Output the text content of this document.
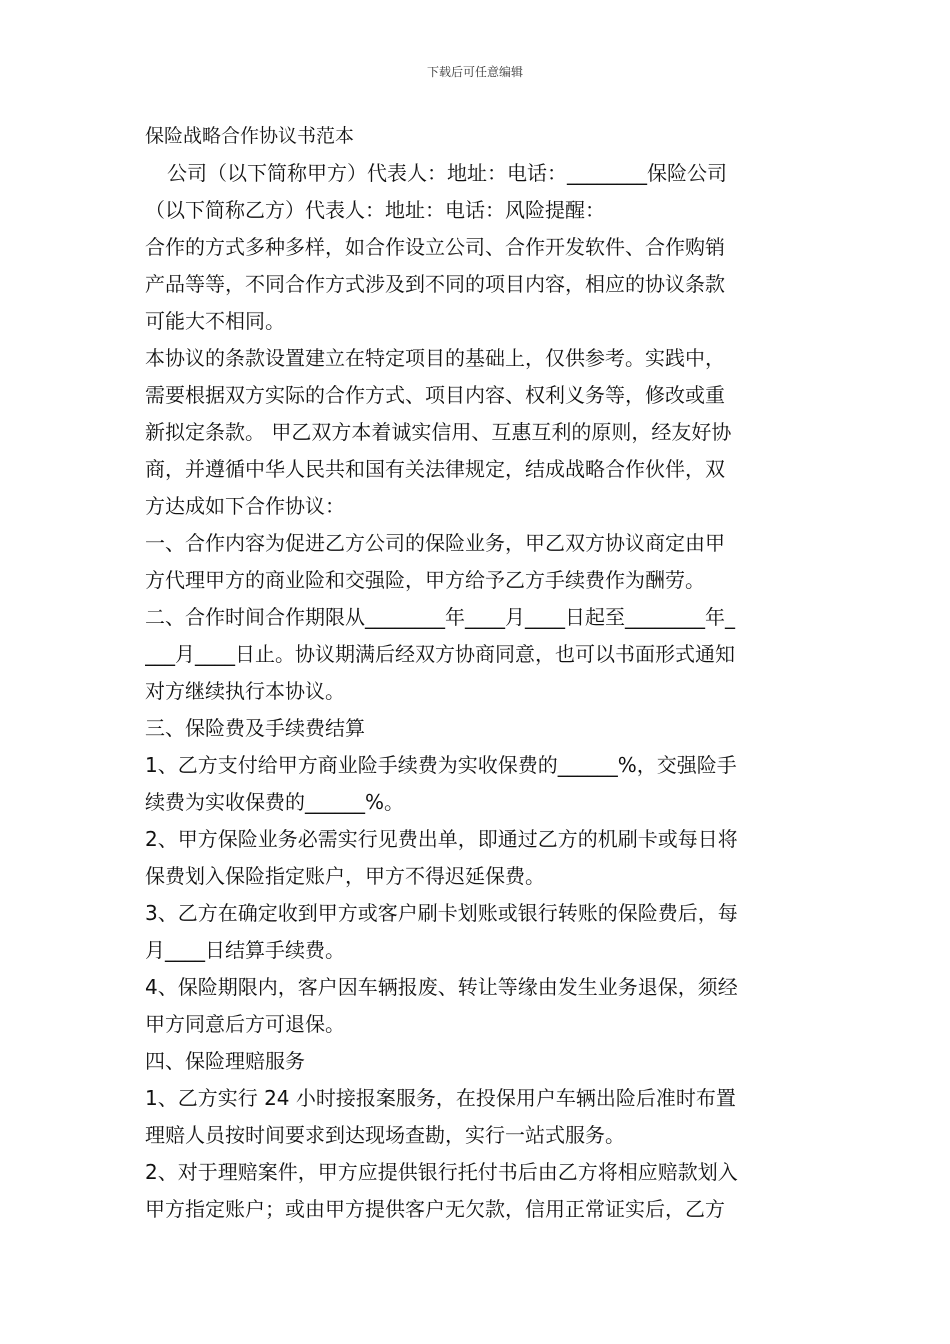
下载后可任意编辑
保险战略合作协议书范本
公司（以下简称甲方）代表人：地址：电话：________保险公司
（以下简称乙方）代表人：地址：电话：风险提醒：
合作的方式多种多样，如合作设立公司、合作开发软件、合作购销
产品等等，不同合作方式涉及到不同的项目内容，相应的协议条款
可能大不相同。
本协议的条款设置建立在特定项目的基础上，仅供参考。实践中，
需要根据双方实际的合作方式、项目内容、权利义务等，修改或重
新拟定条款。 甲乙双方本着诚实信用、互惠互利的原则，经友好协
商，并遵循中华人民共和国有关法律规定，结成战略合作伙伴，双
方达成如下合作协议：
一、合作内容为促进乙方公司的保险业务，甲乙双方协议商定由甲
方代理甲方的商业险和交强险，甲方给予乙方手续费作为酬劳。
二、合作时间合作期限从________年____月____日起至________年_
___月____日止。协议期满后经双方协商同意，也可以书面形式通知
对方继续执行本协议。
三、保险费及手续费结算
1、乙方支付给甲方商业险手续费为实收保费的______%，交强险手
续费为实收保费的______%。
2、甲方保险业务必需实行见费出单，即通过乙方的机刷卡或每日将
保费划入保险指定账户，甲方不得迟延保费。
3、乙方在确定收到甲方或客户刷卡划账或银行转账的保险费后，每
月____日结算手续费。
4、保险期限内，客户因车辆报废、转让等缘由发生业务退保，须经
甲方同意后方可退保。
四、保险理赔服务
1、乙方实行 24 小时接报案服务，在投保用户车辆出险后准时布置
理赔人员按时间要求到达现场查勘，实行一站式服务。
2、对于理赔案件，甲方应提供银行托付书后由乙方将相应赔款划入
甲方指定账户；或由甲方提供客户无欠款，信用正常证实后，乙方
